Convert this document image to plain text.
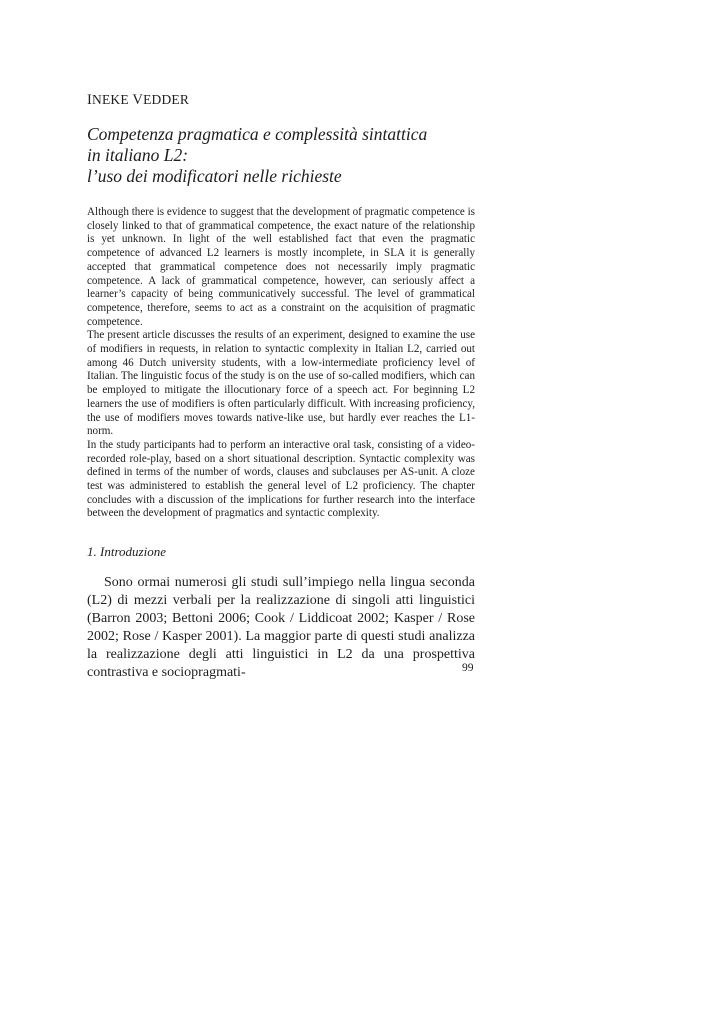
INEKE VEDDER
Competenza pragmatica e complessità sintattica
in italiano L2:
l’uso dei modificatori nelle richieste

Although there is evidence to suggest that the development of pragmatic competence is closely linked to that of grammatical competence, the exact nature of the relationship is yet unknown. In light of the well established fact that even the pragmatic competence of advanced L2 learners is mostly incomplete, in SLA it is generally accepted that grammatical competence does not necessarily imply pragmatic competence. A lack of grammatical competence, however, can seriously affect a learner’s capacity of being communicatively successful. The level of grammatical competence, therefore, seems to act as a constraint on the acquisition of pragmatic competence.

The present article discusses the results of an experiment, designed to examine the use of modifiers in requests, in relation to syntactic complexity in Italian L2, carried out among 46 Dutch university students, with a low-intermediate proficiency level of Italian. The linguistic focus of the study is on the use of so-called modifiers, which can be employed to mitigate the illocutionary force of a speech act. For beginning L2 learners the use of modifiers is often particularly difficult. With increasing proficiency, the use of modifiers moves towards native-like use, but hardly ever reaches the L1-norm.

In the study participants had to perform an interactive oral task, consisting of a video-recorded role-play, based on a short situational description. Syntactic complexity was defined in terms of the number of words, clauses and subclauses per AS-unit. A cloze test was administered to establish the general level of L2 proficiency. The chapter concludes with a discussion of the implications for further research into the interface between the development of pragmatics and syntactic complexity.

1. Introduzione

Sono ormai numerosi gli studi sull’impiego nella lingua seconda (L2) di mezzi verbali per la realizzazione di singoli atti linguistici (Barron 2003; Bettoni 2006; Cook / Liddicoat 2002; Kasper / Rose 2002; Rose / Kasper 2001). La maggior parte di questi studi analizza la realizzazione degli atti linguistici in L2 da una prospettiva contrastiva e sociopragmati-	99
